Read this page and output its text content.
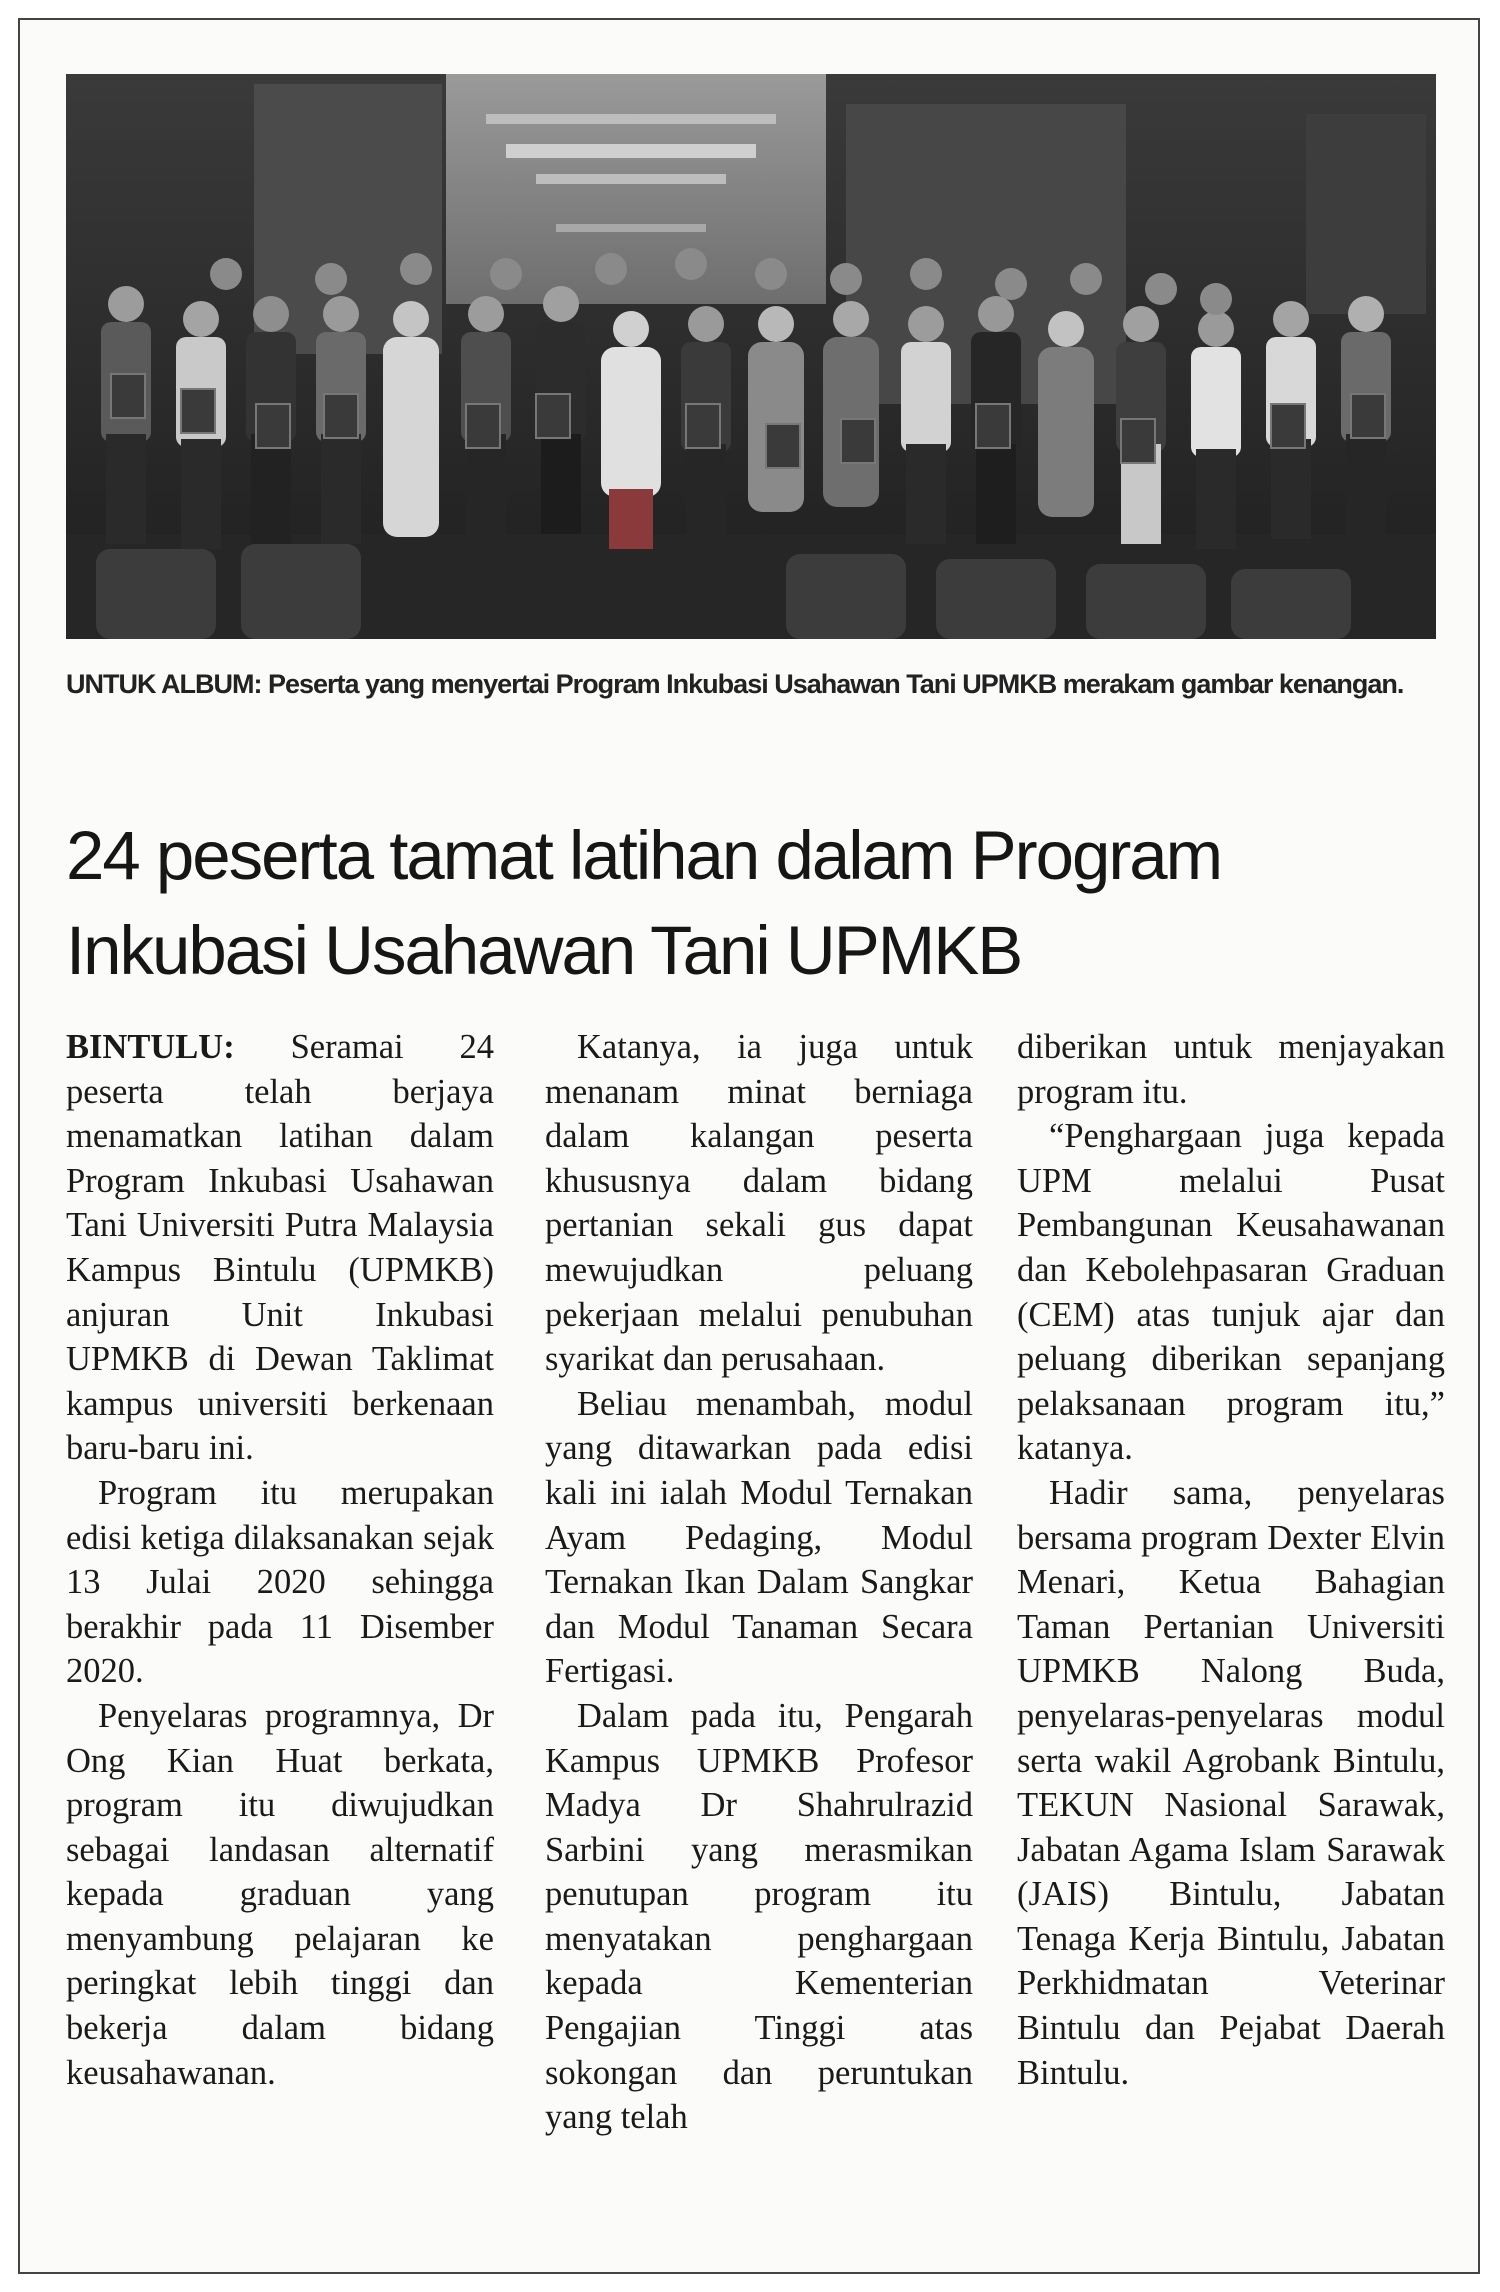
UNTUK ALBUM: Peserta yang menyertai Program Inkubasi Usahawan Tani UPMKB merakam gambar kenangan.
24 peserta tamat latihan dalam Program Inkubasi Usahawan Tani UPMKB

BINTULU: Seramai 24 peserta telah berjaya menamatkan latihan dalam Program Inkubasi Usahawan Tani Universiti Putra Malaysia Kampus Bintulu (UPMKB) anjuran Unit Inkubasi UPMKB di Dewan Taklimat kampus universiti berkenaan baru-baru ini.

Program itu merupakan edisi ketiga dilaksanakan sejak 13 Julai 2020 sehingga berakhir pada 11 Disember 2020.

Penyelaras programnya, Dr Ong Kian Huat berkata, program itu diwujudkan sebagai landasan alternatif kepada graduan yang menyambung pelajaran ke peringkat lebih tinggi dan bekerja dalam bidang keusahawanan.

Katanya, ia juga untuk menanam minat berniaga dalam kalangan peserta khususnya dalam bidang pertanian sekali gus dapat mewujudkan peluang pekerjaan melalui penubuhan syarikat dan perusahaan.

Beliau menambah, modul yang ditawarkan pada edisi kali ini ialah Modul Ternakan Ayam Pedaging, Modul Ternakan Ikan Dalam Sangkar dan Modul Tanaman Secara Fertigasi.

Dalam pada itu, Pengarah Kampus UPMKB Profesor Madya Dr Shahrulrazid Sarbini yang merasmikan penutupan program itu menyatakan penghargaan kepada Kementerian Pengajian Tinggi atas sokongan dan peruntukan yang telah

diberikan untuk menjayakan program itu.

“Penghargaan juga kepada UPM melalui Pusat Pembangunan Keusahawanan dan Kebolehpasaran Graduan (CEM) atas tunjuk ajar dan peluang diberikan sepanjang pelaksanaan program itu,” katanya.

Hadir sama, penyelaras bersama program Dexter Elvin Menari, Ketua Bahagian Taman Pertanian Universiti UPMKB Nalong Buda, penyelaras-penyelaras modul serta wakil Agrobank Bintulu, TEKUN Nasional Sarawak, Jabatan Agama Islam Sarawak (JAIS) Bintulu, Jabatan Tenaga Kerja Bintulu, Jabatan Perkhidmatan Veterinar Bintulu dan Pejabat Daerah Bintulu.
